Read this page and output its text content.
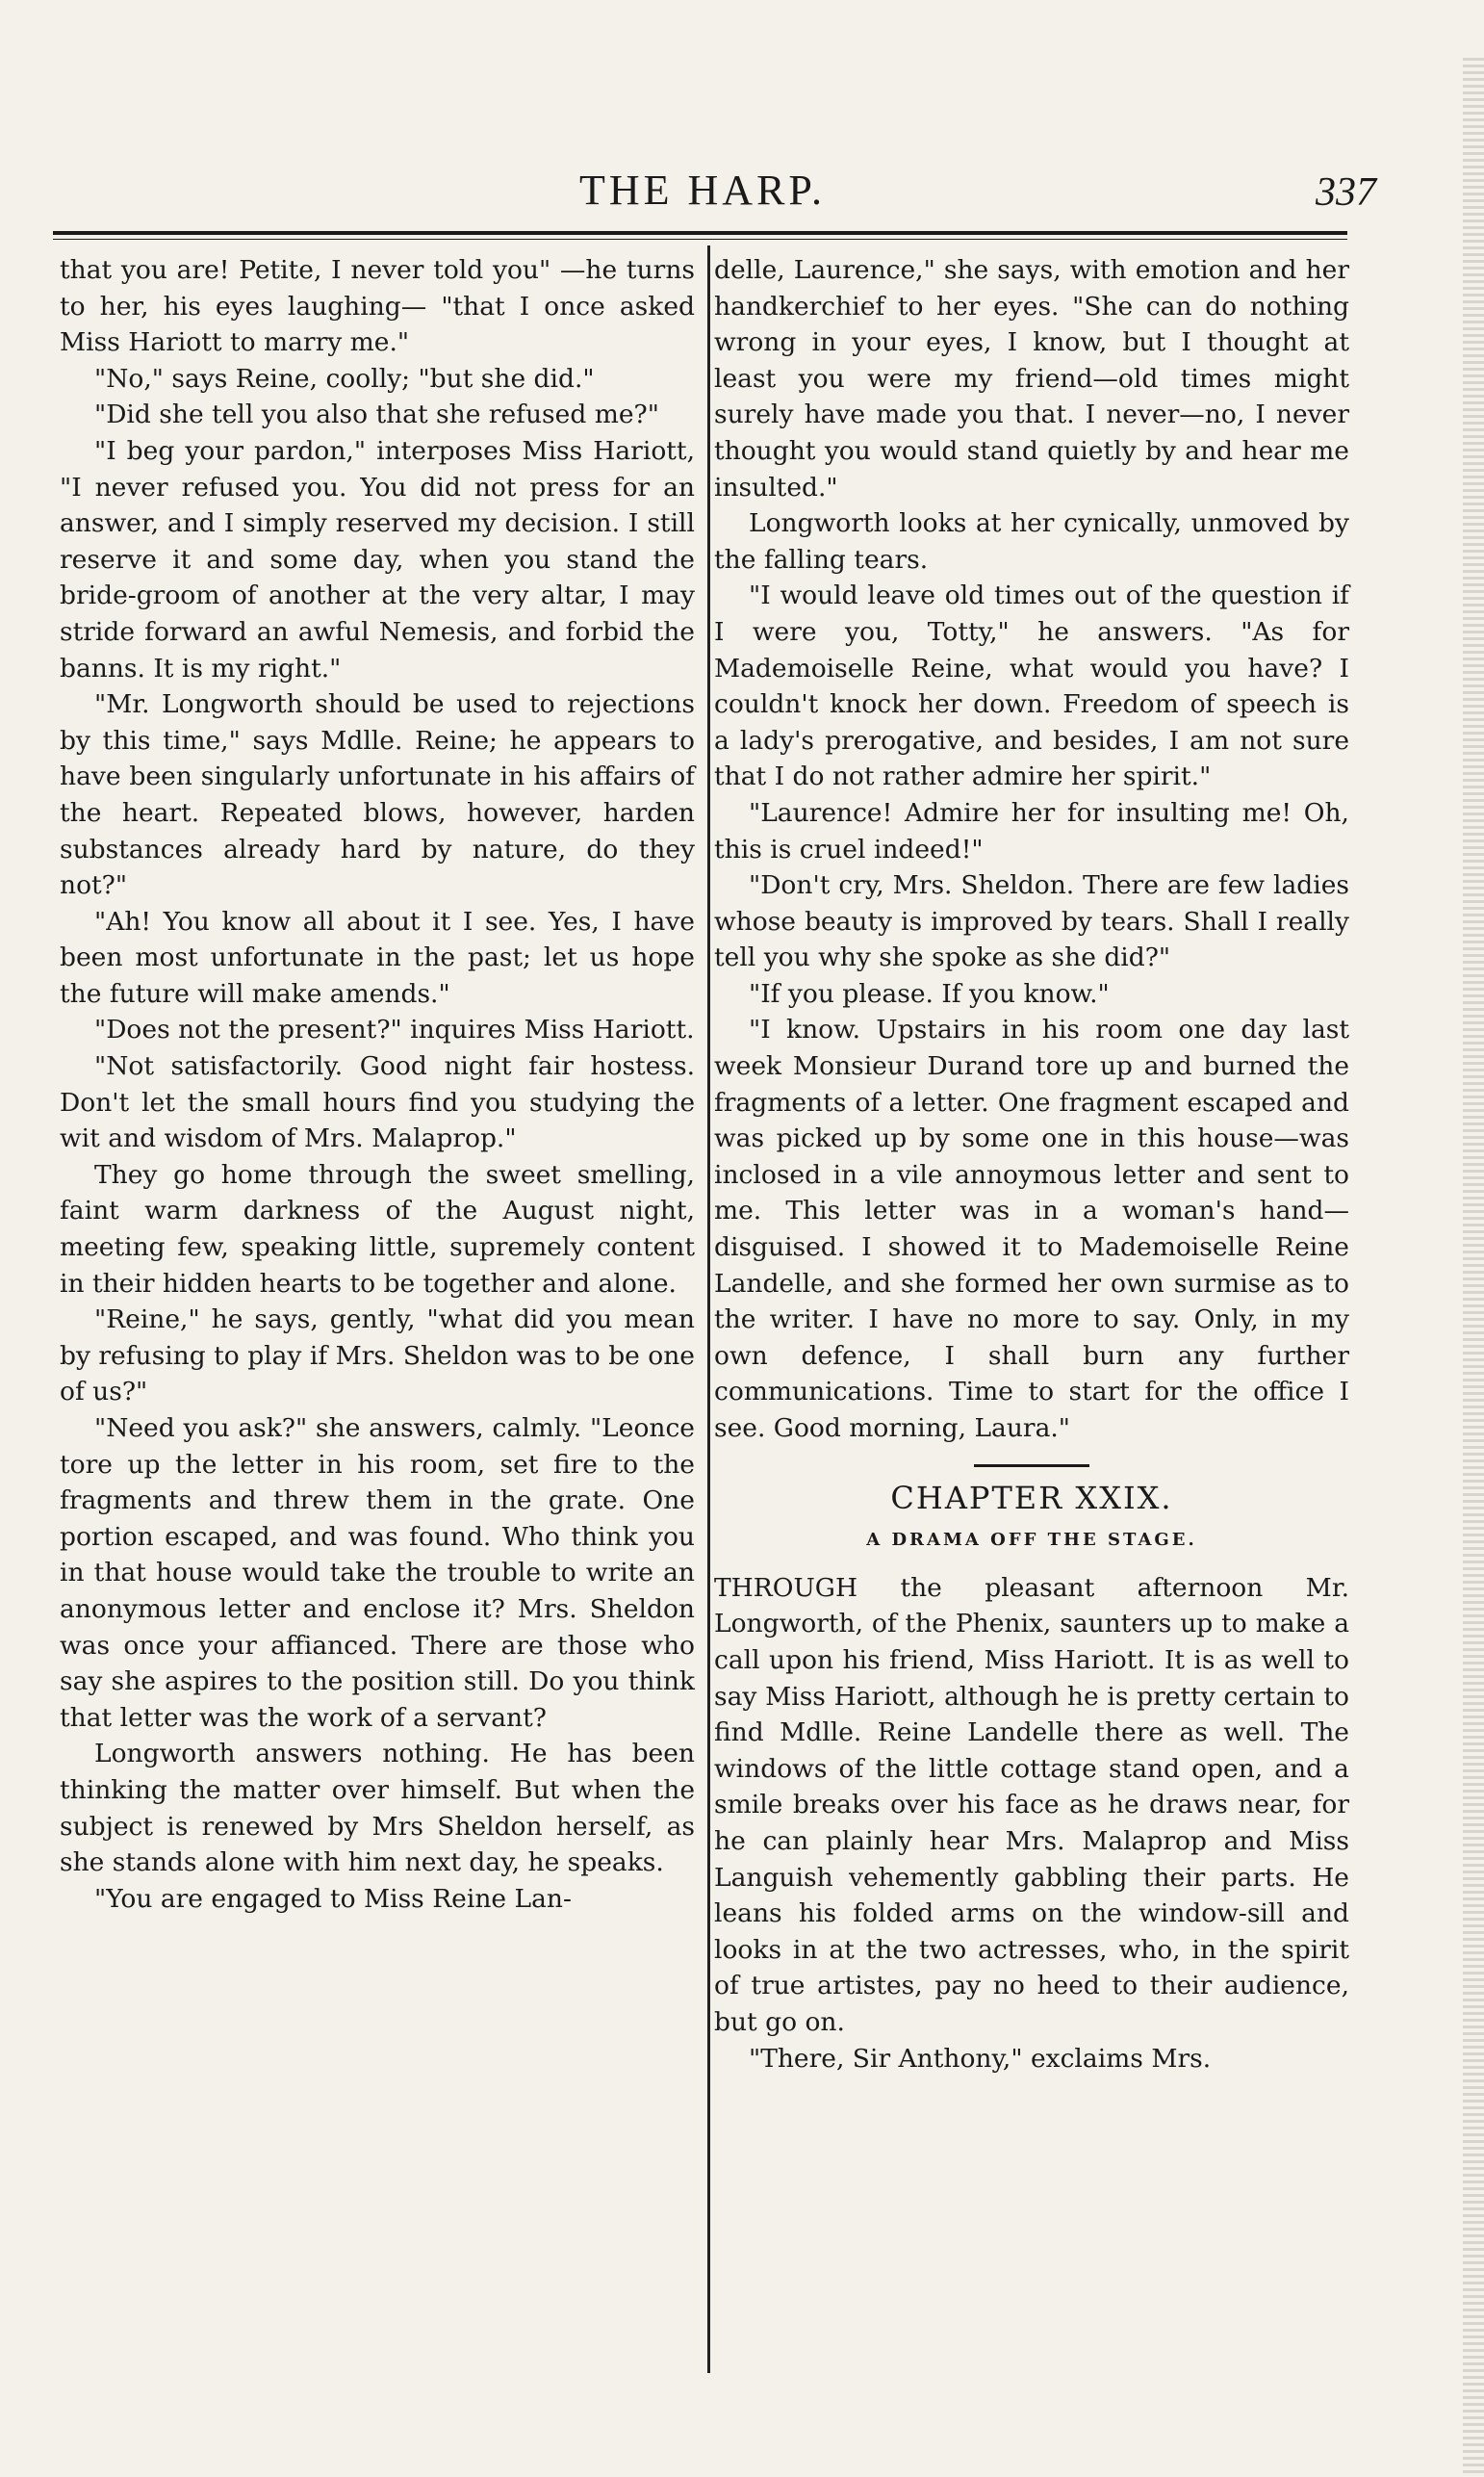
THE HARP.	337

that you are! Petite, I never told you" —he turns to her, his eyes laughing— "that I once asked Miss Hariott to marry me."

"No," says Reine, coolly; "but she did."

"Did she tell you also that she refused me?"

"I beg your pardon," interposes Miss Hariott, "I never refused you. You did not press for an answer, and I simply reserved my decision. I still reserve it and some day, when you stand the bride-groom of another at the very altar, I may stride forward an awful Nemesis, and forbid the banns. It is my right."

"Mr. Longworth should be used to rejections by this time," says Mdlle. Reine; he appears to have been singularly unfortunate in his affairs of the heart. Repeated blows, however, harden substances already hard by nature, do they not?"

"Ah! You know all about it I see. Yes, I have been most unfortunate in the past; let us hope the future will make amends."

"Does not the present?" inquires Miss Hariott.

"Not satisfactorily. Good night fair hostess. Don't let the small hours find you studying the wit and wisdom of Mrs. Malaprop."

They go home through the sweet smelling, faint warm darkness of the August night, meeting few, speaking little, supremely content in their hidden hearts to be together and alone.

"Reine," he says, gently, "what did you mean by refusing to play if Mrs. Sheldon was to be one of us?"

"Need you ask?" she answers, calmly. "Leonce tore up the letter in his room, set fire to the fragments and threw them in the grate. One portion escaped, and was found. Who think you in that house would take the trouble to write an anonymous letter and enclose it? Mrs. Sheldon was once your affianced. There are those who say she aspires to the position still. Do you think that letter was the work of a servant?

Longworth answers nothing. He has been thinking the matter over himself. But when the subject is renewed by Mrs Sheldon herself, as she stands alone with him next day, he speaks.

"You are engaged to Miss Reine Lan-

delle, Laurence," she says, with emotion and her handkerchief to her eyes. "She can do nothing wrong in your eyes, I know, but I thought at least you were my friend—old times might surely have made you that. I never—no, I never thought you would stand quietly by and hear me insulted."

Longworth looks at her cynically, unmoved by the falling tears.

"I would leave old times out of the question if I were you, Totty," he answers. "As for Mademoiselle Reine, what would you have? I couldn't knock her down. Freedom of speech is a lady's prerogative, and besides, I am not sure that I do not rather admire her spirit."

"Laurence! Admire her for insulting me! Oh, this is cruel indeed!"

"Don't cry, Mrs. Sheldon. There are few ladies whose beauty is improved by tears. Shall I really tell you why she spoke as she did?"

"If you please. If you know."

"I know. Upstairs in his room one day last week Monsieur Durand tore up and burned the fragments of a letter. One fragment escaped and was picked up by some one in this house—was inclosed in a vile annoymous letter and sent to me. This letter was in a woman's hand—disguised. I showed it to Mademoiselle Reine Landelle, and she formed her own surmise as to the writer. I have no more to say. Only, in my own defence, I shall burn any further communications. Time to start for the office I see. Good morning, Laura."

CHAPTER XXIX.
A DRAMA OFF THE STAGE.

THROUGH the pleasant afternoon Mr. Longworth, of the Phenix, saunters up to make a call upon his friend, Miss Hariott. It is as well to say Miss Hariott, although he is pretty certain to find Mdlle. Reine Landelle there as well. The windows of the little cottage stand open, and a smile breaks over his face as he draws near, for he can plainly hear Mrs. Malaprop and Miss Languish vehemently gabbling their parts. He leans his folded arms on the window-sill and looks in at the two actresses, who, in the spirit of true artistes, pay no heed to their audience, but go on.

"There, Sir Anthony," exclaims Mrs.
